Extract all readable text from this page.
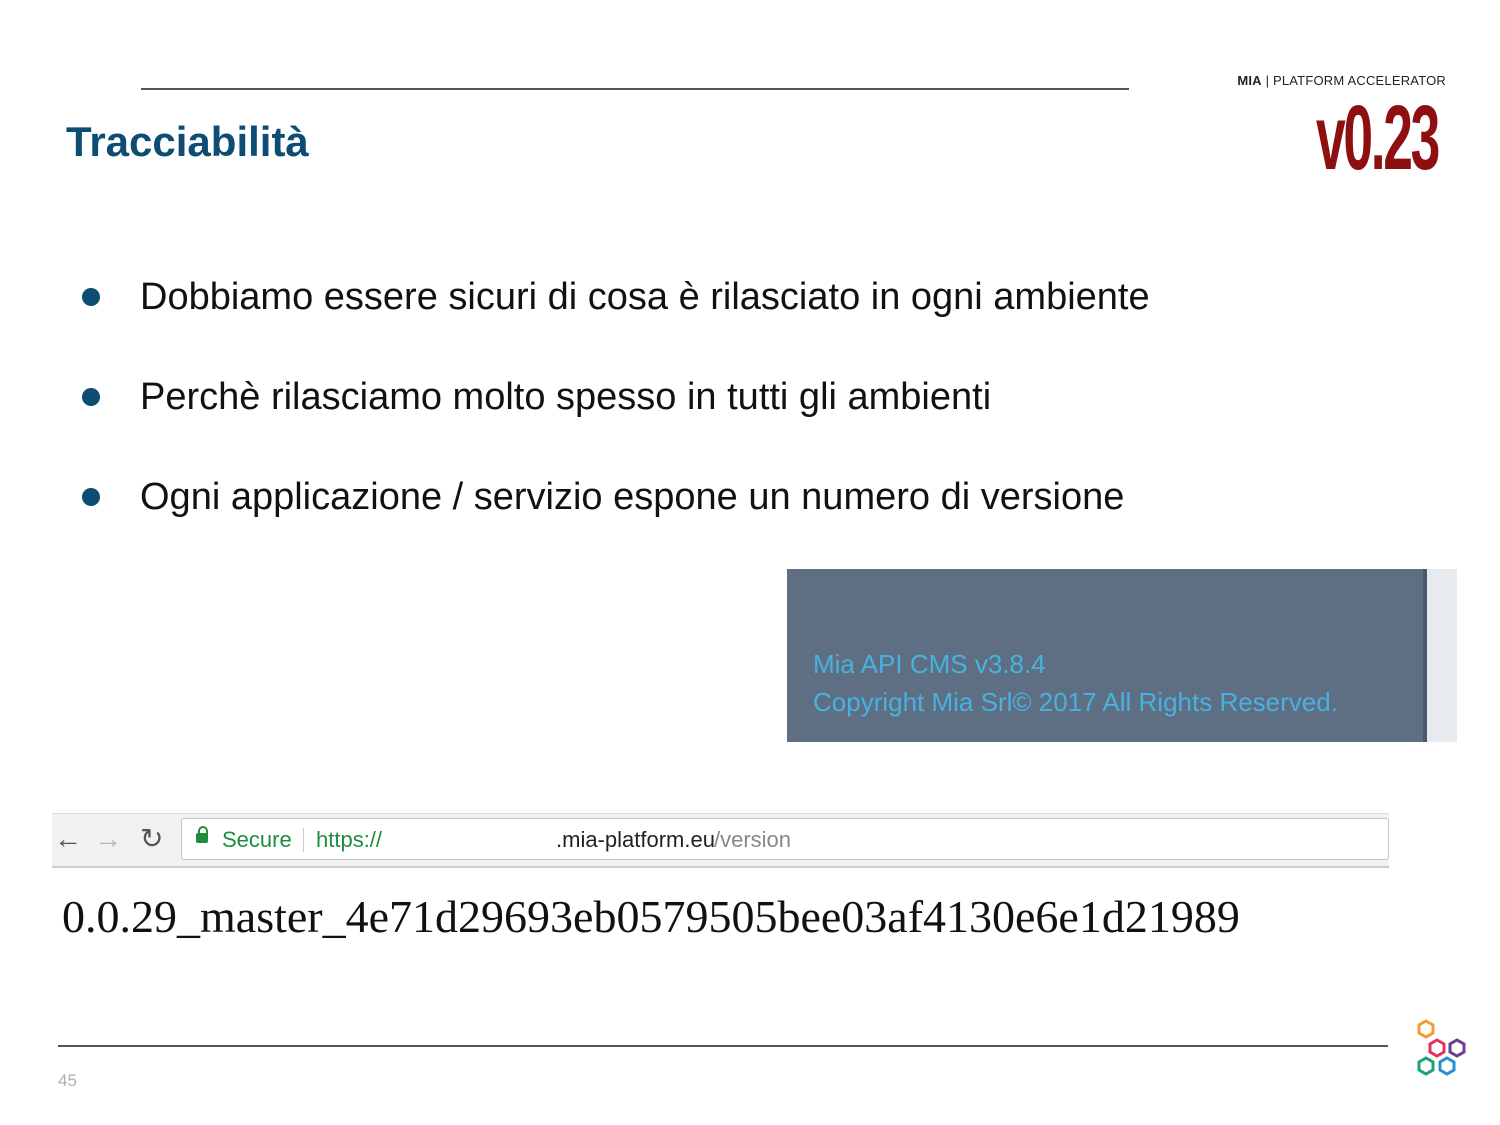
MIA | PLATFORM ACCELERATOR
v0.23
Tracciabilità
Dobbiamo essere sicuri di cosa è rilasciato in ogni ambiente
Perchè rilasciamo molto spesso in tutti gli ambienti
Ogni applicazione / servizio espone un numero di versione
Mia API CMS v3.8.4
Copyright Mia Srl© 2017 All Rights Reserved.
← → ↻	Secure https://	.mia-platform.eu /version
0.0.29_master_4e71d29693eb0579505bee03af4130e6e1d21989
45
